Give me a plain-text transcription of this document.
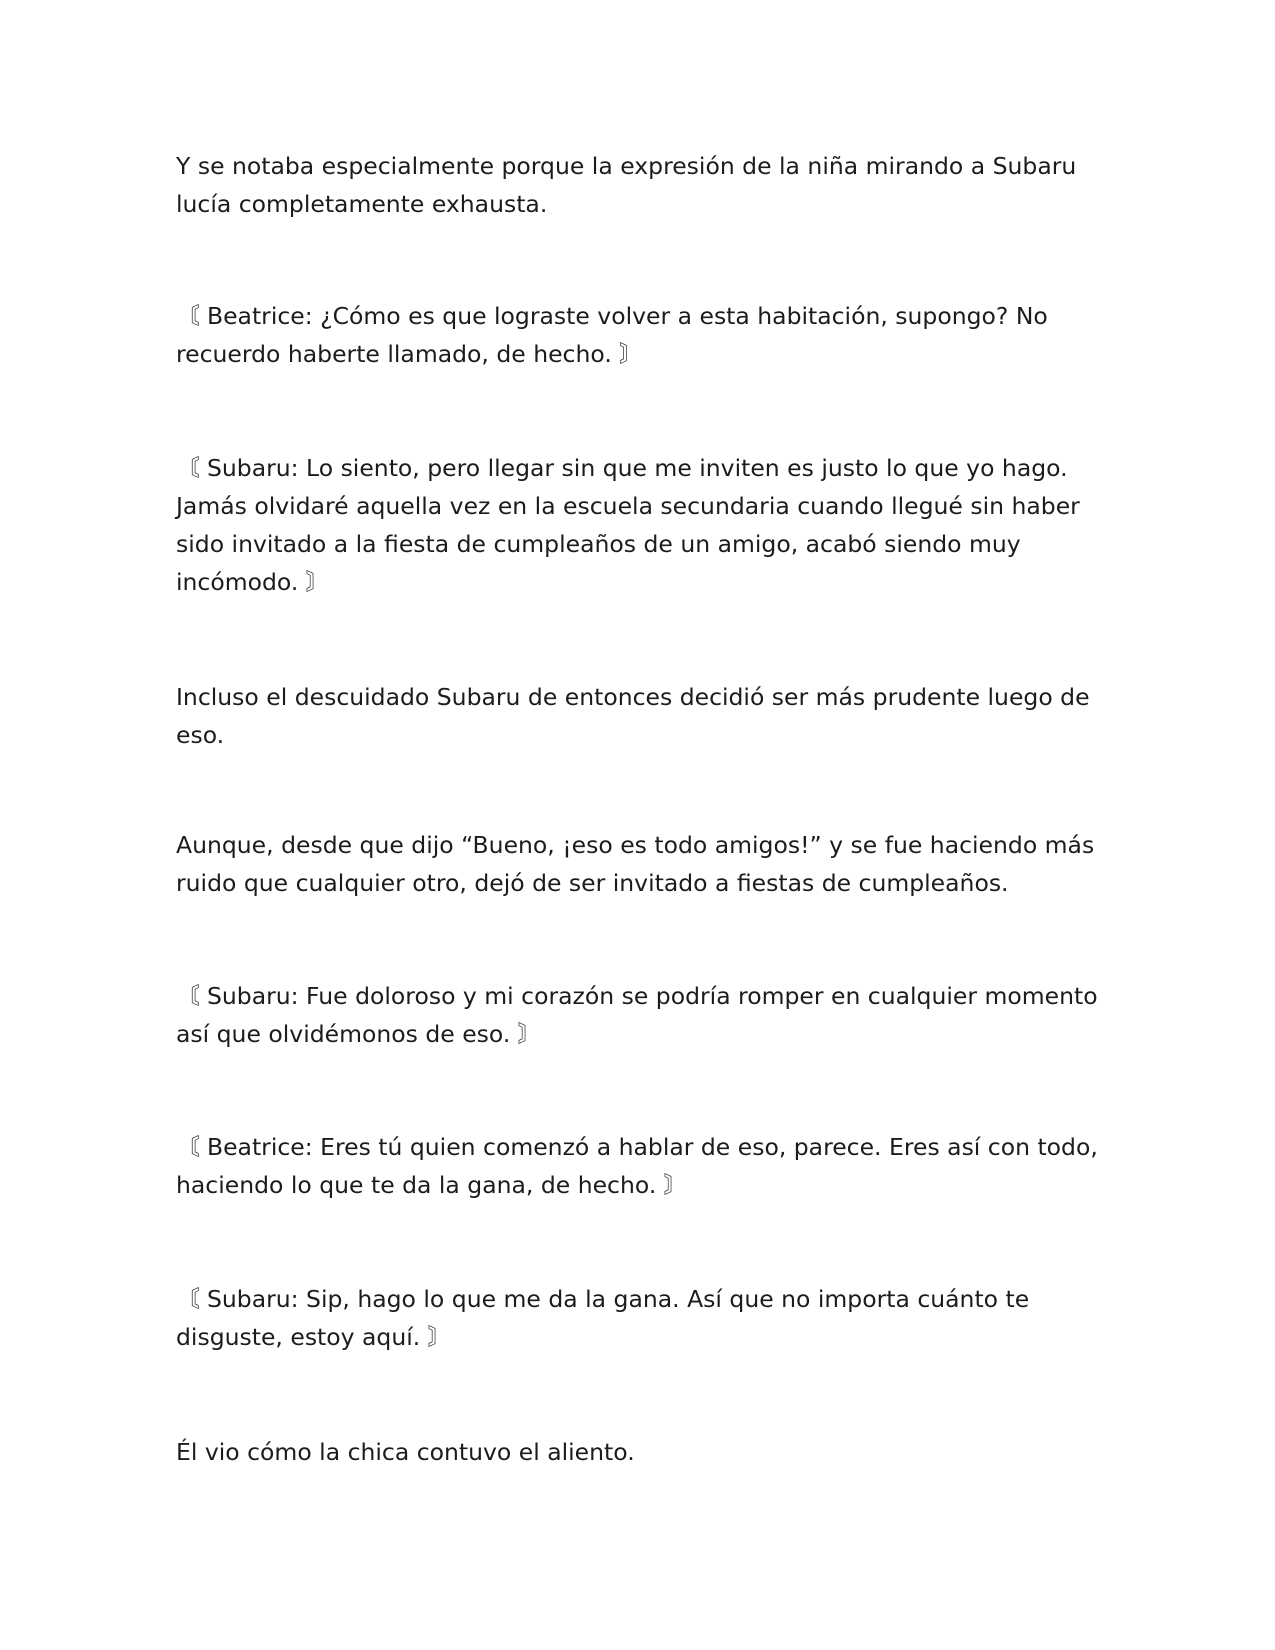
Y se notaba especialmente porque la expresión de la niña mirando a Subaru lucía completamente exhausta.

〘 Beatrice: ¿Cómo es que lograste volver a esta habitación, supongo? No recuerdo haberte llamado, de hecho. 〙

〘 Subaru: Lo siento, pero llegar sin que me inviten es justo lo que yo hago. Jamás olvidaré aquella vez en la escuela secundaria cuando llegué sin haber sido invitado a la fiesta de cumpleaños de un amigo, acabó siendo muy incómodo. 〙

Incluso el descuidado Subaru de entonces decidió ser más prudente luego de eso.

Aunque, desde que dijo “Bueno, ¡eso es todo amigos!” y se fue haciendo más ruido que cualquier otro, dejó de ser invitado a fiestas de cumpleaños.

〘 Subaru: Fue doloroso y mi corazón se podría romper en cualquier momento así que olvidémonos de eso. 〙

〘 Beatrice: Eres tú quien comenzó a hablar de eso, parece. Eres así con todo, haciendo lo que te da la gana, de hecho. 〙

〘 Subaru: Sip, hago lo que me da la gana. Así que no importa cuánto te disguste, estoy aquí. 〙

Él vio cómo la chica contuvo el aliento.
